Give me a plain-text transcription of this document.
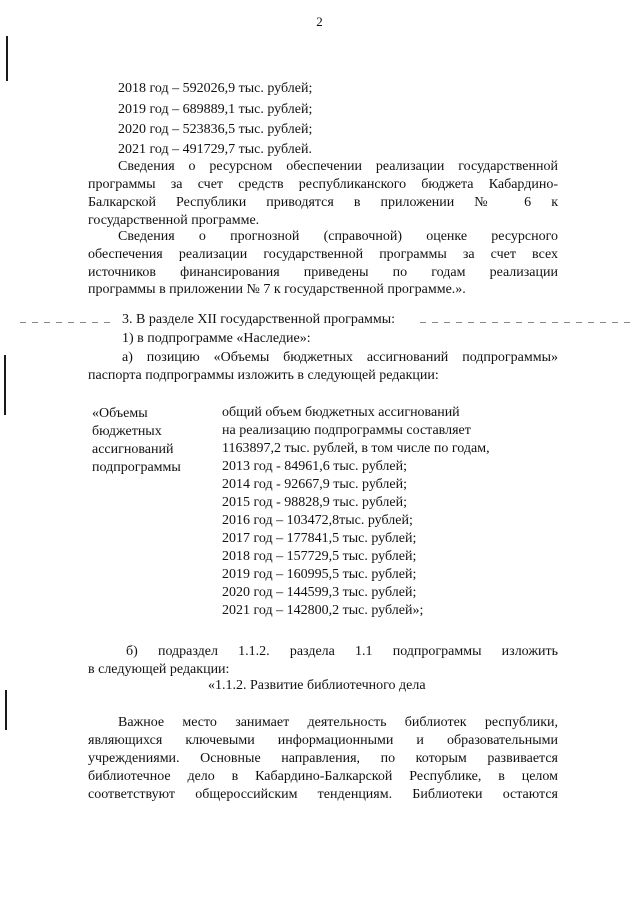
2
2018 год – 592026,9 тыс. рублей;
2019 год – 689889,1 тыс. рублей;
2020 год – 523836,5 тыс. рублей;
2021 год – 491729,7 тыс. рублей.
Сведения о ресурсном обеспечении реализации государственной
программы за счет средств республиканского бюджета Кабардино-
Балкарской Республики приводятся в приложении № 6 к
государственной программе.
Сведения о прогнозной (справочной) оценке ресурсного
обеспечения реализации государственной программы за счет всех
источников финансирования приведены по годам реализации
программы в приложении № 7 к государственной программе.».
3. В разделе XII государственной программы:
1) в подпрограмме «Наследие»:
а) позицию «Объемы бюджетных ассигнований подпрограммы»
паспорта подпрограммы изложить в следующей редакции:
«Объемы
бюджетных
ассигнований
подпрограммы
общий объем бюджетных ассигнований
на реализацию подпрограммы составляет
1163897,2 тыс. рублей, в том числе по годам,
2013 год - 84961,6 тыс. рублей;
2014 год - 92667,9 тыс. рублей;
2015 год - 98828,9 тыс. рублей;
2016 год – 103472,8тыс. рублей;
2017 год – 177841,5 тыс. рублей;
2018 год – 157729,5 тыс. рублей;
2019 год – 160995,5 тыс. рублей;
2020 год – 144599,3 тыс. рублей;
2021 год – 142800,2 тыс. рублей»;
б) подраздел 1.1.2. раздела 1.1 подпрограммы изложить
в следующей редакции:
«1.1.2. Развитие библиотечного дела
Важное место занимает деятельность библиотек республики,
являющихся ключевыми информационными и образовательными
учреждениями. Основные направления, по которым развивается
библиотечное дело в Кабардино-Балкарской Республике, в целом
соответствуют общероссийским тенденциям. Библиотеки остаются
